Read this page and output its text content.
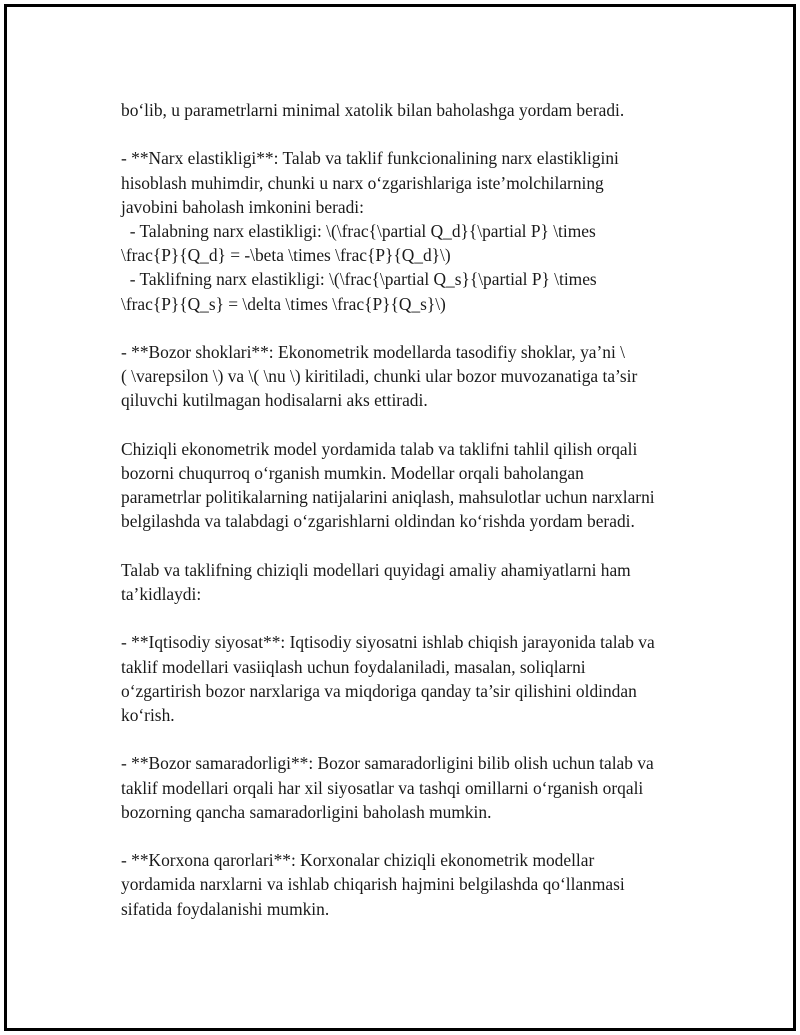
bo‘lib, u parametrlarni minimal xatolik bilan baholashga yordam beradi.

- **Narx elastikligi**: Talab va taklif funkcionalining narx elastikligini
hisoblash muhimdir, chunki u narx o‘zgarishlariga iste’molchilarning
javobini baholash imkonini beradi:
- Talabning narx elastikligi: \(\frac{\partial Q_d}{\partial P} \times
\frac{P}{Q_d} = -\beta \times \frac{P}{Q_d}\)
- Taklifning narx elastikligi: \(\frac{\partial Q_s}{\partial P} \times
\frac{P}{Q_s} = \delta \times \frac{P}{Q_s}\)

- **Bozor shoklari**: Ekonometrik modellarda tasodifiy shoklar, ya’ni \
( \varepsilon \) va \( \nu \) kiritiladi, chunki ular bozor muvozanatiga ta’sir
qiluvchi kutilmagan hodisalarni aks ettiradi.

Chiziqli ekonometrik model yordamida talab va taklifni tahlil qilish orqali
bozorni chuqurroq o‘rganish mumkin. Modellar orqali baholangan
parametrlar politikalarning natijalarini aniqlash, mahsulotlar uchun narxlarni
belgilashda va talabdagi o‘zgarishlarni oldindan ko‘rishda yordam beradi.

Talab va taklifning chiziqli modellari quyidagi amaliy ahamiyatlarni ham
ta’kidlaydi:

- **Iqtisodiy siyosat**: Iqtisodiy siyosatni ishlab chiqish jarayonida talab va
taklif modellari vasiiqlash uchun foydalaniladi, masalan, soliqlarni
o‘zgartirish bozor narxlariga va miqdoriga qanday ta’sir qilishini oldindan
ko‘rish.

- **Bozor samaradorligi**: Bozor samaradorligini bilib olish uchun talab va
taklif modellari orqali har xil siyosatlar va tashqi omillarni o‘rganish orqali
bozorning qancha samaradorligini baholash mumkin.

- **Korxona qarorlari**: Korxonalar chiziqli ekonometrik modellar
yordamida narxlarni va ishlab chiqarish hajmini belgilashda qo‘llanmasi
sifatida foydalanishi mumkin.
